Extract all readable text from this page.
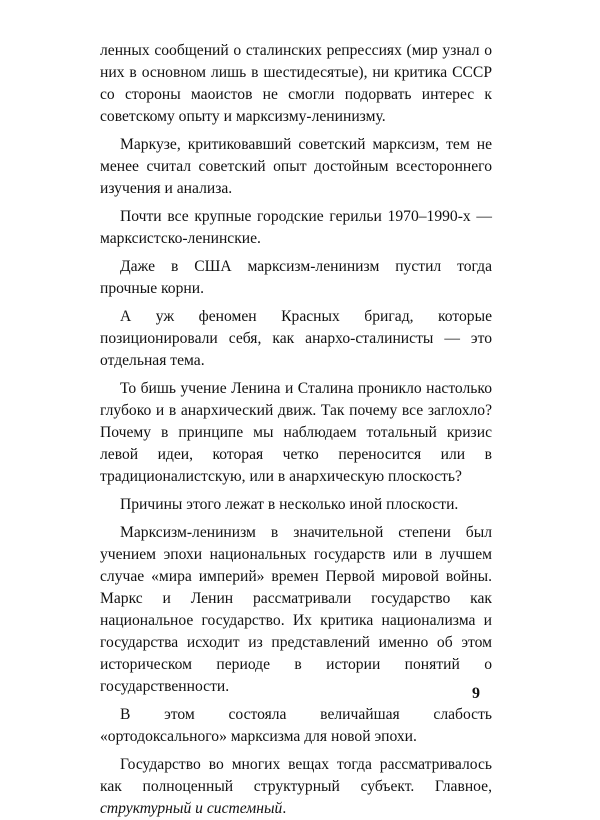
ленных сообщений о сталинских репрессиях (мир узнал о них в основном лишь в шестидесятые), ни критика СССР со стороны маоистов не смогли подорвать интерес к советскому опыту и марксизму-ленинизму.

Маркузе, критиковавший советский марксизм, тем не менее считал советский опыт достойным всестороннего изучения и анализа.

Почти все крупные городские герильи 1970–1990-х — марксистско-ленинские.

Даже в США марксизм-ленинизм пустил тогда прочные корни.

А уж феномен Красных бригад, которые позиционировали себя, как анархо-сталинисты — это отдельная тема.

То бишь учение Ленина и Сталина проникло настолько глубоко и в анархический движ. Так почему все заглохло? Почему в принципе мы наблюдаем тотальный кризис левой идеи, которая четко переносится или в традиционалистскую, или в анархическую плоскость?

Причины этого лежат в несколько иной плоскости.

Марксизм-ленинизм в значительной степени был учением эпохи национальных государств или в лучшем случае «мира империй» времен Первой мировой войны. Маркс и Ленин рассматривали государство как национальное государство. Их критика национализма и государства исходит из представлений именно об этом историческом периоде в истории понятий о государственности.

В этом состояла величайшая слабость «ортодоксального» марксизма для новой эпохи.

Государство во многих вещах тогда рассматривалось как полноценный структурный субъект. Главное, структурный и системный.

9
